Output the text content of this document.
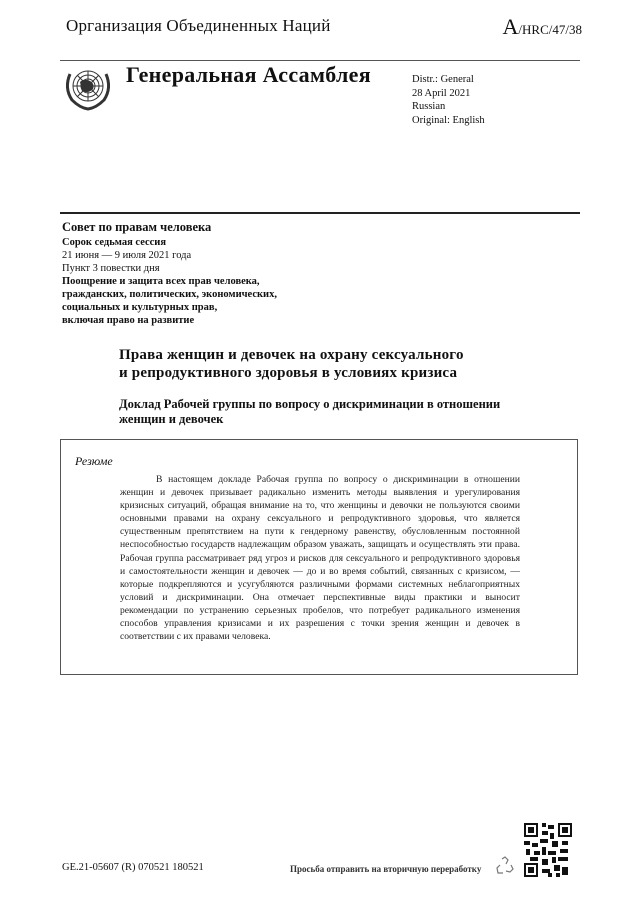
Организация Объединенных Наций	A/HRC/47/38
Генеральная Ассамблея	Distr.: General
28 April 2021
Russian
Original: English
Совет по правам человека
Сорок седьмая сессия
21 июня — 9 июля 2021 года
Пункт 3 повестки дня
Поощрение и защита всех прав человека,
гражданских, политических, экономических,
социальных и культурных прав,
включая право на развитие
Права женщин и девочек на охрану сексуального
и репродуктивного здоровья в условиях кризиса
Доклад Рабочей группы по вопросу о дискриминации в отношении женщин и девочек
Резюме
В настоящем докладе Рабочая группа по вопросу о дискриминации в отношении женщин и девочек призывает радикально изменить методы выявления и урегулирования кризисных ситуаций, обращая внимание на то, что женщины и девочки не пользуются своими основными правами на охрану сексуального и репродуктивного здоровья, что является существенным препятствием на пути к гендерному равенству, обусловленным постоянной неспособностью государств надлежащим образом уважать, защищать и осуществлять эти права. Рабочая группа рассматривает ряд угроз и рисков для сексуального и репродуктивного здоровья и самостоятельности женщин и девочек — до и во время событий, связанных с кризисом, — которые подкрепляются и усугубляются различными формами системных неблагоприятных условий и дискриминации. Она отмечает перспективные виды практики и выносит рекомендации по устранению серьезных пробелов, что потребует радикального изменения способов управления кризисами и их разрешения с точки зрения женщин и девочек в соответствии с их правами человека.
GE.21-05607 (R) 070521 180521	Просьба отправить на вторичную переработку
